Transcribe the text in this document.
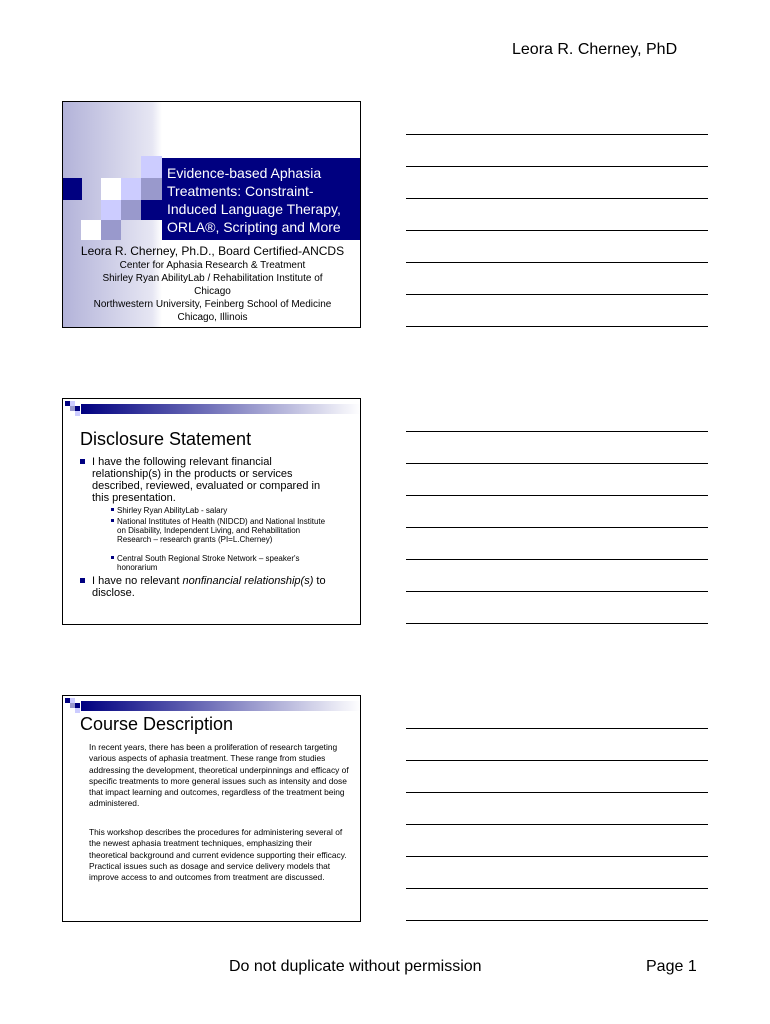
Leora R. Cherney, PhD
Evidence-based Aphasia Treatments: Constraint-Induced Language Therapy, ORLA®, Scripting and More
Leora R. Cherney, Ph.D., Board Certified-ANCDS
Center for Aphasia Research & Treatment
Shirley Ryan AbilityLab / Rehabilitation Institute of Chicago
Northwestern University, Feinberg School of Medicine
Chicago, Illinois
Disclosure Statement
I have the following relevant financial relationship(s) in the products or services described, reviewed, evaluated or compared in this presentation.
Shirley Ryan AbilityLab - salary
National Institutes of Health (NIDCD) and National Institute on Disability, Independent Living, and Rehabilitation Research – research grants (PI=L.Cherney)
Central South Regional Stroke Network – speaker's honorarium
I have no relevant nonfinancial relationship(s) to disclose.
Course Description
In recent years, there has been a proliferation of research targeting various aspects of aphasia treatment. These range from studies addressing the development, theoretical underpinnings and efficacy of specific treatments to more general issues such as intensity and dose that impact learning and outcomes, regardless of the treatment being administered.
This workshop describes the procedures for administering several of the newest aphasia treatment techniques, emphasizing their theoretical background and current evidence supporting their efficacy. Practical issues such as dosage and service delivery models that improve access to and outcomes from treatment are discussed.
Do not duplicate without permission	Page 1
